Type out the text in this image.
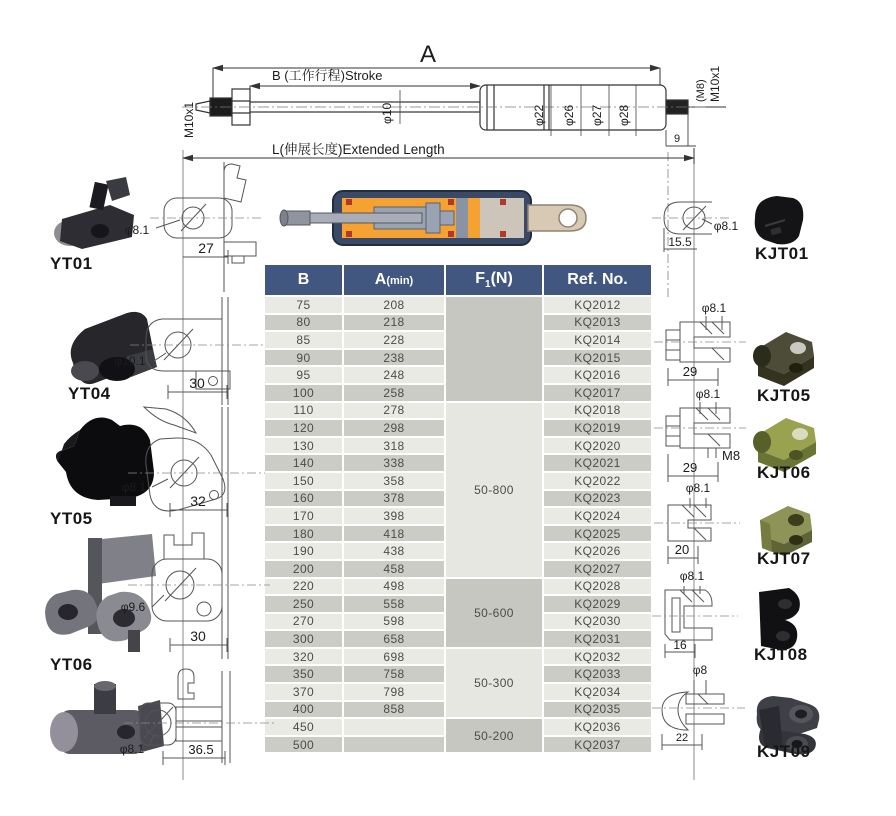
A
B (工作行程)Stroke
M10x1	φ10	φ22 φ26 φ27 φ28
(M8) M10x1
9
L(伸展长度)Extended Length
B	A(min)	$F_1(N)$	Ref. No.
75	208		KQ2012
80	218		KQ2013
85	228		KQ2014
90	238		KQ2015
95	248		KQ2016
100	258		KQ2017
110	278	50-800	KQ2018
120	298		KQ2019
130	318		KQ2020
140	338		KQ2021
150	358		KQ2022
160	378		KQ2023
170	398		KQ2024
180	418		KQ2025
190	438		KQ2026
200	458		KQ2027
220	498	50-600	KQ2028
250	558		KQ2029
270	598		KQ2030
300	658		KQ2031
320	698	50-300	KQ2032
350	758		KQ2033
370	798		KQ2034
400	858		KQ2035
450		50-200	KQ2036
500			KQ2037
YT01
φ8.1
27
YT04
φ10.1
30
YT05
φ8.1
32
YT06
φ9.6
30
φ8.1	36.5
15.5
φ8.1
KJT01
φ8.1
29
KJT05
φ8.1
M8
29	KJT06
φ8.1
20	KJT07
φ8.1
16	KJT08
φ8
22
KJT09
